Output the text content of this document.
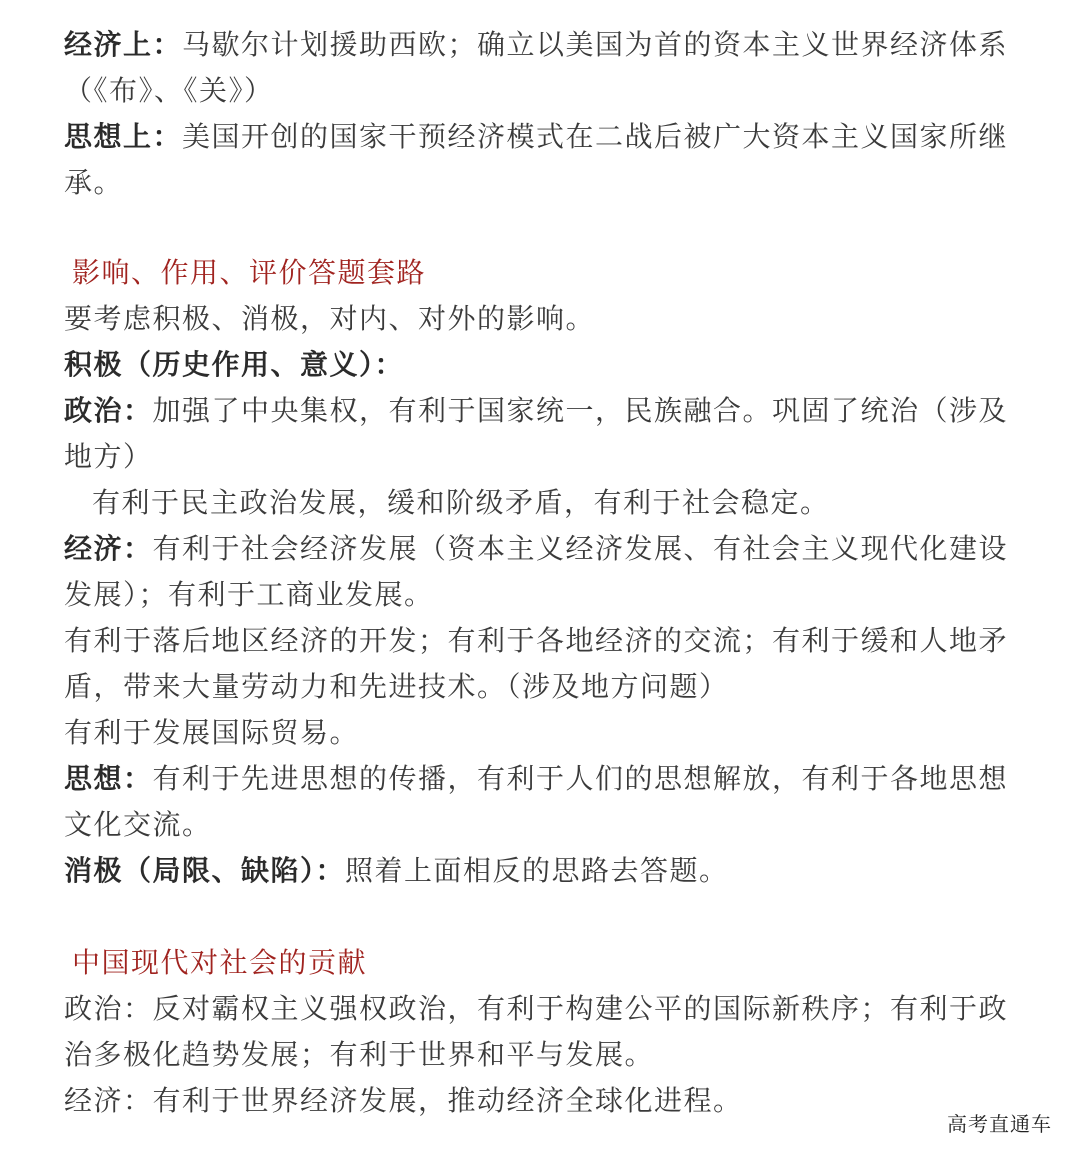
经济上：马歇尔计划援助西欧；确立以美国为首的资本主义世界经济体系（《布》、《关》）

思想上：美国开创的国家干预经济模式在二战后被广大资本主义国家所继承。

影响、作用、评价答题套路

要考虑积极、消极，对内、对外的影响。

积极（历史作用、意义）：

政治：加强了中央集权，有利于国家统一，民族融合。巩固了统治（涉及地方）

有利于民主政治发展，缓和阶级矛盾，有利于社会稳定。

经济：有利于社会经济发展（资本主义经济发展、有社会主义现代化建设发展）；有利于工商业发展。

有利于落后地区经济的开发；有利于各地经济的交流；有利于缓和人地矛盾，带来大量劳动力和先进技术。（涉及地方问题）

有利于发展国际贸易。

思想：有利于先进思想的传播，有利于人们的思想解放，有利于各地思想文化交流。

消极（局限、缺陷）：照着上面相反的思路去答题。

中国现代对社会的贡献

政治：反对霸权主义强权政治，有利于构建公平的国际新秩序；有利于政治多极化趋势发展；有利于世界和平与发展。

经济：有利于世界经济发展，推动经济全球化进程。

高考直通车
